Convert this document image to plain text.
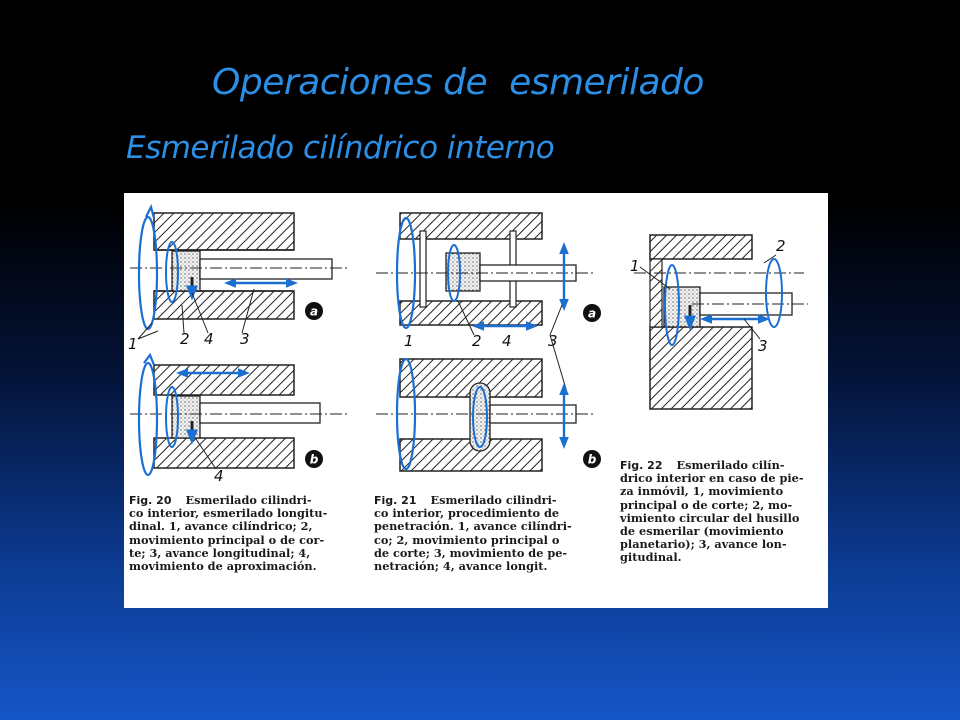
Operaciones de  esmerilado
Esmerilado cilíndrico interno
a
1	2 4 3
4
b
a
1	2 4 3
b
1
2
3
Fig. 20 Esmerilado cilindri-
co interior, esmerilado longitu-
dinal. 1, avance cilíndrico; 2,
movimiento principal o de cor-
te; 3, avance longitudinal; 4,
movimiento de aproximación.
Fig. 21 Esmerilado cilindri-
co interior, procedimiento de
penetración. 1, avance cilíndri-
co; 2, movimiento principal o
de corte; 3, movimiento de pe-
netración; 4, avance longit.
Fig. 22 Esmerilado cilín-
drico interior en caso de pie-
za inmóvil, 1, movimiento
principal o de corte; 2, mo-
vimiento circular del husillo
de esmerilar (movimiento
planetario); 3, avance lon-
gitudinal.
